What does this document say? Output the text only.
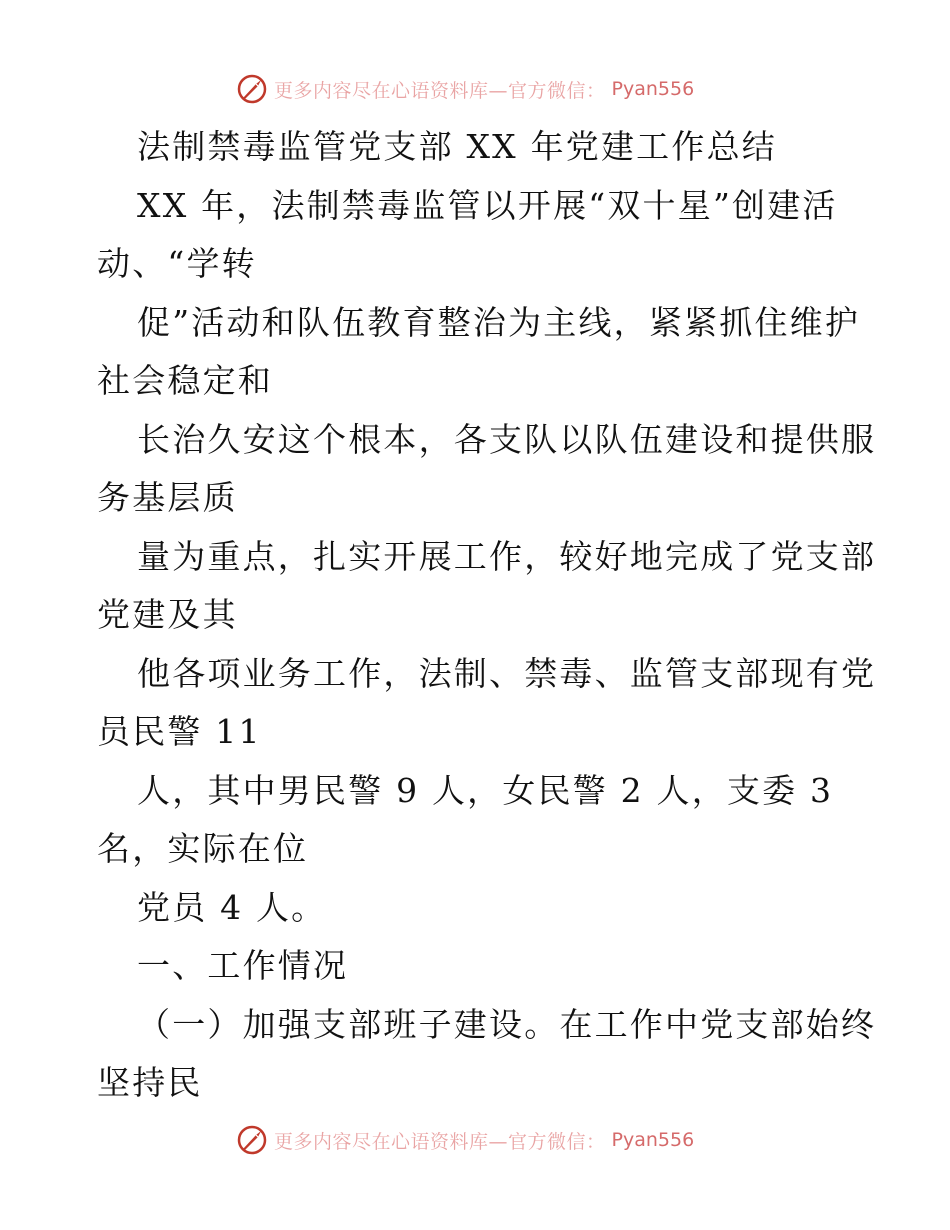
更多内容尽在心语资料库—官方微信： Pyan556
法制禁毒监管党支部 XX 年党建工作总结
XX 年，法制禁毒监管以开展“双十星”创建活
动、“学转
促”活动和队伍教育整治为主线，紧紧抓住维护
社会稳定和
长治久安这个根本，各支队以队伍建设和提供服
务基层质
量为重点，扎实开展工作，较好地完成了党支部
党建及其
他各项业务工作，法制、禁毒、监管支部现有党
员民警 11
人，其中男民警 9 人，女民警 2 人，支委 3
名，实际在位
党员 4 人。
一、工作情况
（一）加强支部班子建设。在工作中党支部始终
坚持民
更多内容尽在心语资料库—官方微信： Pyan556
